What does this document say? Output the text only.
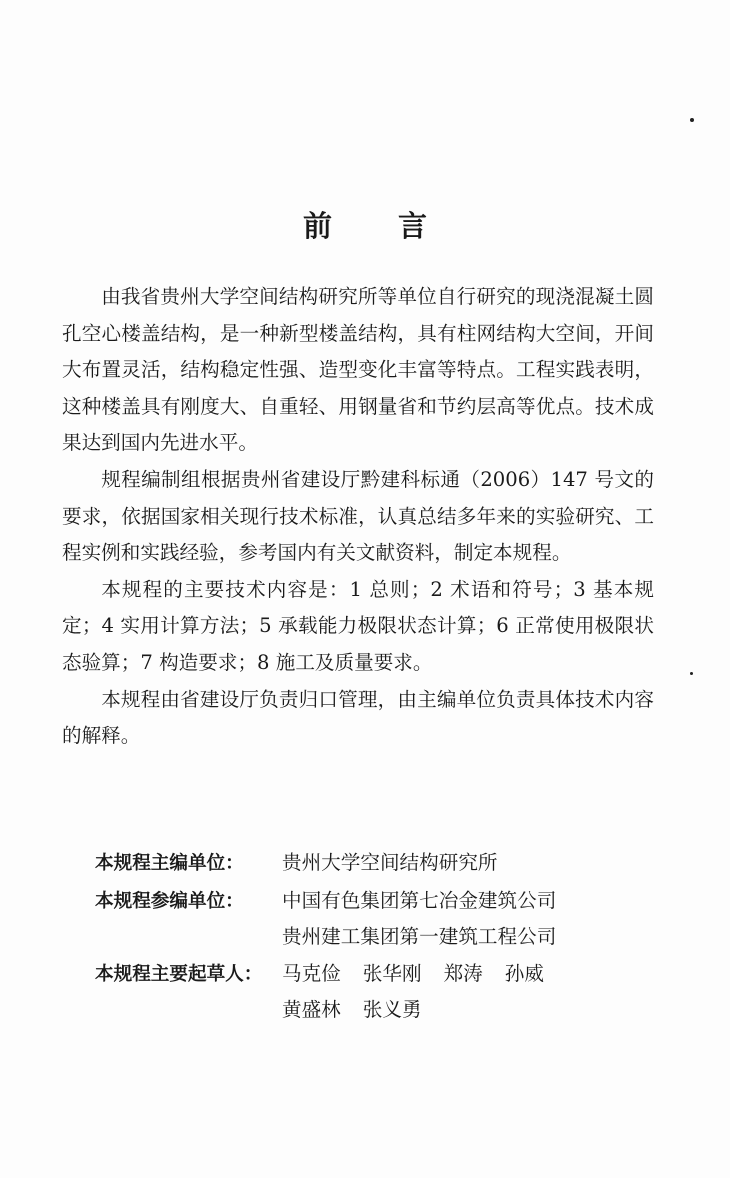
前 言

由我省贵州大学空间结构研究所等单位自行研究的现浇混凝土圆孔空心楼盖结构，是一种新型楼盖结构，具有柱网结构大空间，开间大布置灵活，结构稳定性强、造型变化丰富等特点。工程实践表明，这种楼盖具有刚度大、自重轻、用钢量省和节约层高等优点。技术成果达到国内先进水平。

规程编制组根据贵州省建设厅黔建科标通（2006）147 号文的要求，依据国家相关现行技术标准，认真总结多年来的实验研究、工程实例和实践经验，参考国内有关文献资料，制定本规程。

本规程的主要技术内容是：1 总则；2 术语和符号；3 基本规定；4 实用计算方法；5 承载能力极限状态计算；6 正常使用极限状态验算；7 构造要求；8 施工及质量要求。

本规程由省建设厅负责归口管理，由主编单位负责具体技术内容的解释。

本规程主编单位：	贵州大学空间结构研究所
本规程参编单位：	中国有色集团第七冶金建筑公司
贵州建工集团第一建筑工程公司
本规程主要起草人：	马克俭 张华刚 郑涛 孙威
黄盛林 张义勇
